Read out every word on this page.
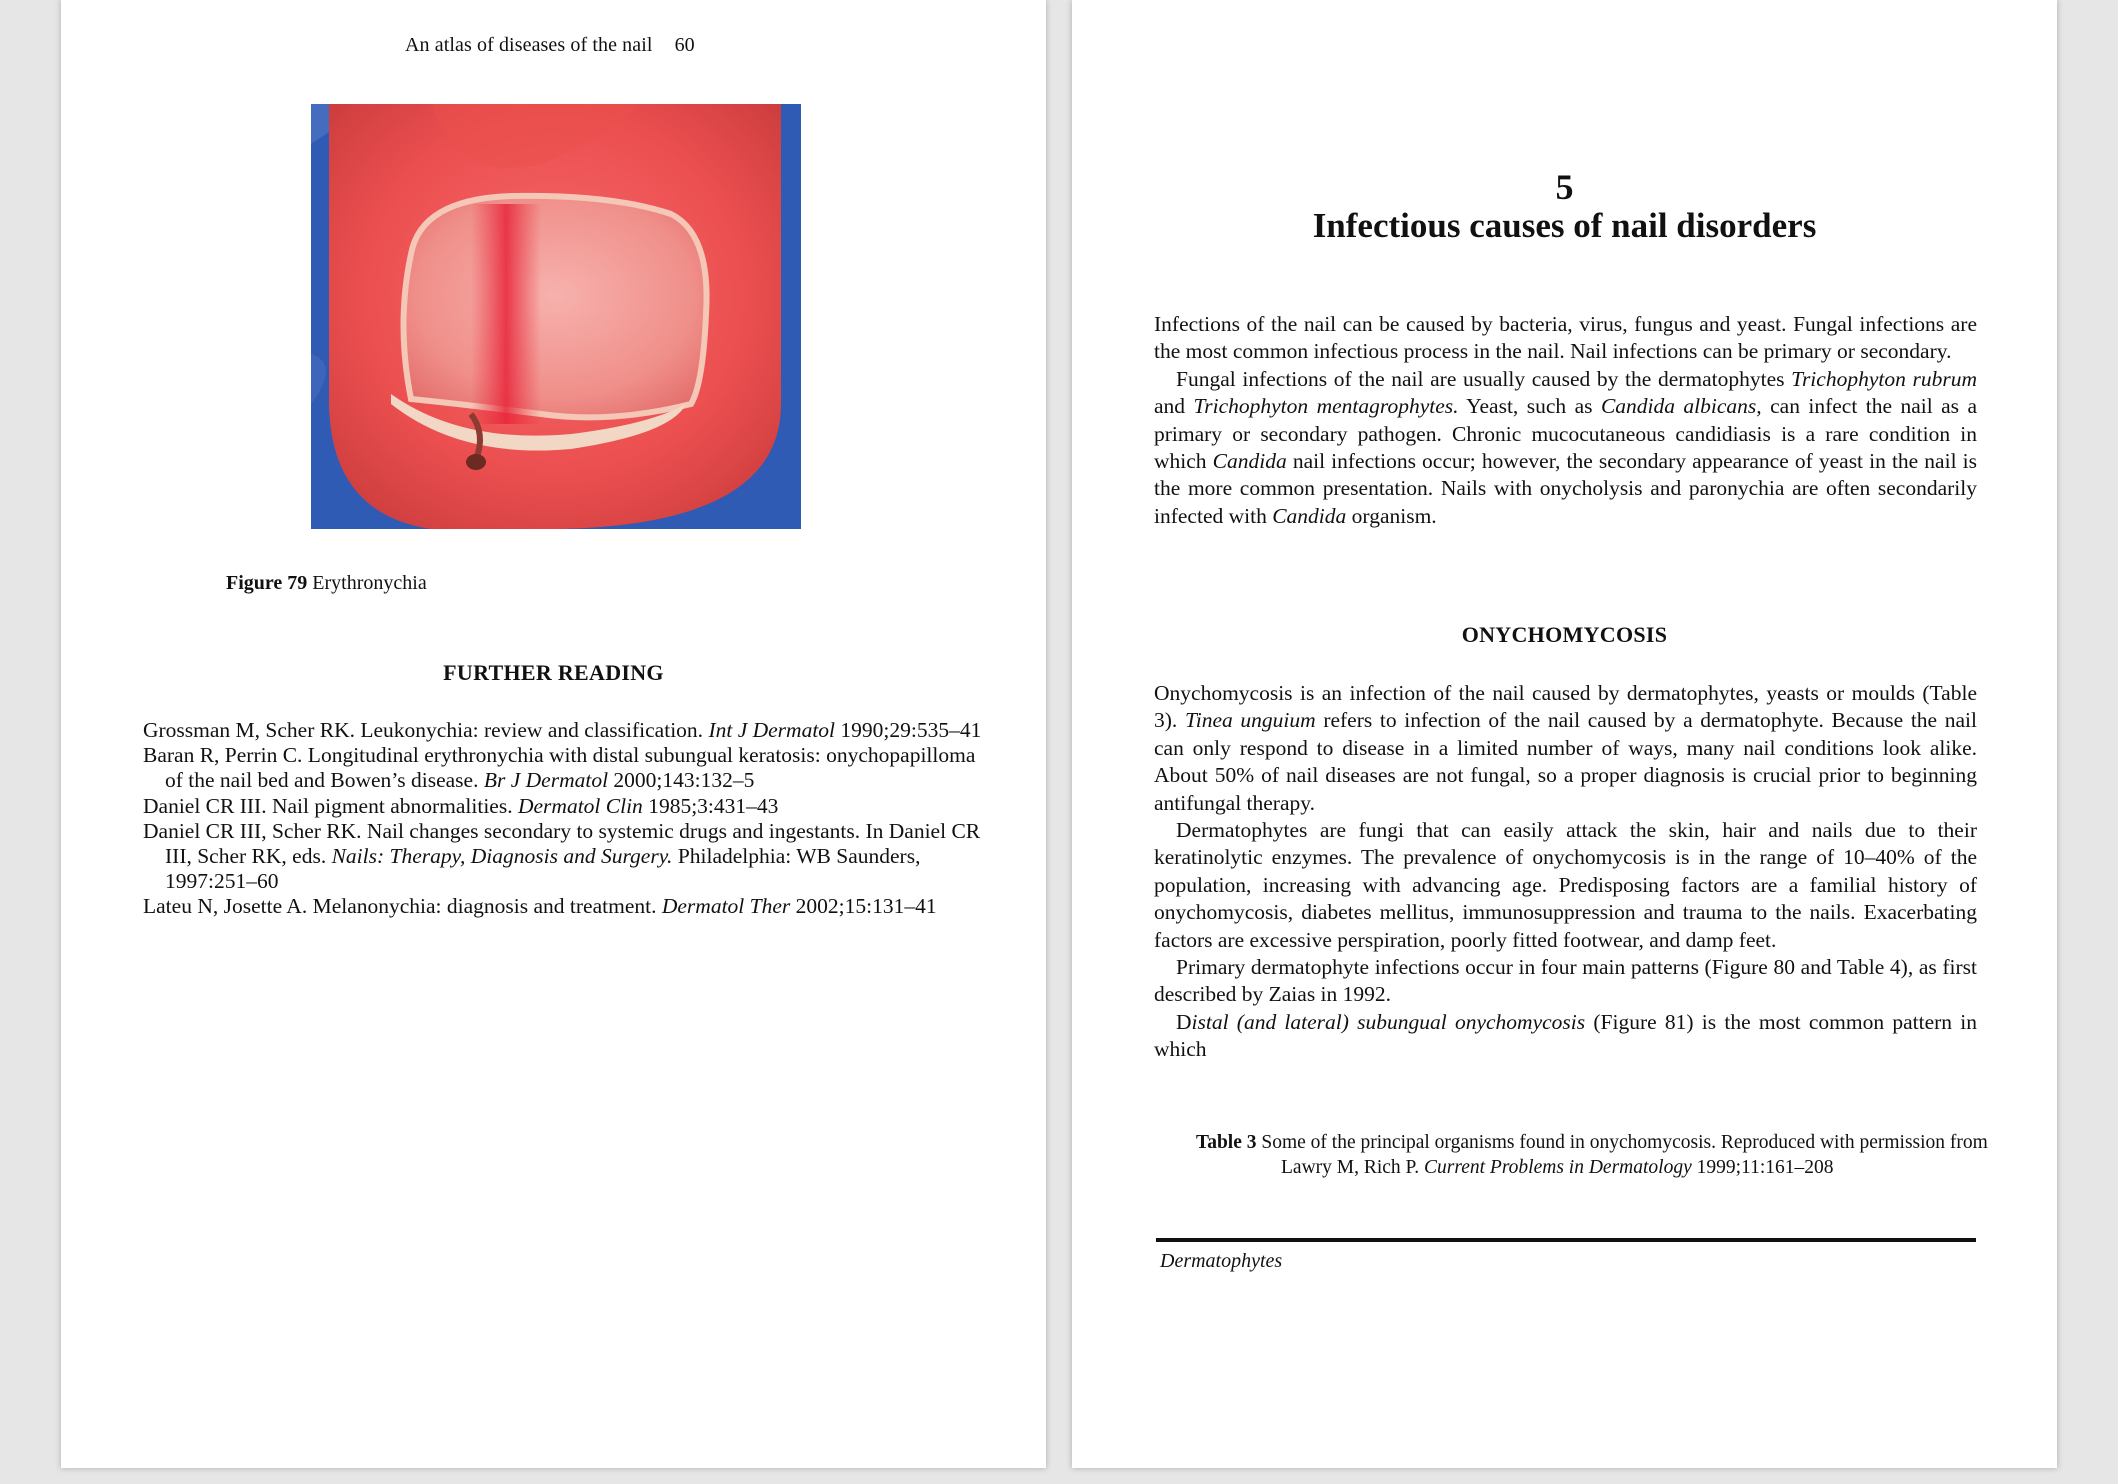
An atlas of diseases of the nail 60
Figure 79 Erythronychia
FURTHER READING

Grossman M, Scher RK. Leukonychia: review and classification. Int J Dermatol 1990;29:535–41

Baran R, Perrin C. Longitudinal erythronychia with distal subungual keratosis: onychopapilloma of the nail bed and Bowen’s disease. Br J Dermatol 2000;143:132–5

Daniel CR III. Nail pigment abnormalities. Dermatol Clin 1985;3:431–43

Daniel CR III, Scher RK. Nail changes secondary to systemic drugs and ingestants. In Daniel CR III, Scher RK, eds. Nails: Therapy, Diagnosis and Surgery. Philadelphia: WB Saunders, 1997:251–60

Lateu N, Josette A. Melanonychia: diagnosis and treatment. Dermatol Ther 2002;15:131–41

5
Infectious causes of nail disorders

Infections of the nail can be caused by bacteria, virus, fungus and yeast. Fungal infections are the most common infectious process in the nail. Nail infections can be primary or secondary.

Fungal infections of the nail are usually caused by the dermatophytes Trichophyton rubrum and Trichophyton mentagrophytes. Yeast, such as Candida albicans, can infect the nail as a primary or secondary pathogen. Chronic mucocutaneous candidiasis is a rare condition in which Candida nail infections occur; however, the secondary appearance of yeast in the nail is the more common presentation. Nails with onycholysis and paronychia are often secondarily infected with Candida organism.

ONYCHOMYCOSIS

Onychomycosis is an infection of the nail caused by dermatophytes, yeasts or moulds (Table 3). Tinea unguium refers to infection of the nail caused by a dermatophyte. Because the nail can only respond to disease in a limited number of ways, many nail conditions look alike. About 50% of nail diseases are not fungal, so a proper diagnosis is crucial prior to beginning antifungal therapy.

Dermatophytes are fungi that can easily attack the skin, hair and nails due to their keratinolytic enzymes. The prevalence of onychomycosis is in the range of 10–40% of the population, increasing with advancing age. Predisposing factors are a familial history of onychomycosis, diabetes mellitus, immunosuppression and trauma to the nails. Exacerbating factors are excessive perspiration, poorly fitted footwear, and damp feet.

Primary dermatophyte infections occur in four main patterns (Figure 80 and Table 4), as first described by Zaias in 1992.

Distal (and lateral) subungual onychomycosis (Figure 81) is the most common pattern in which

Table 3 Some of the principal organisms found in onychomycosis. Reproduced with permission from Lawry M, Rich P. Current Problems in Dermatology 1999;11:161–208
Dermatophytes
